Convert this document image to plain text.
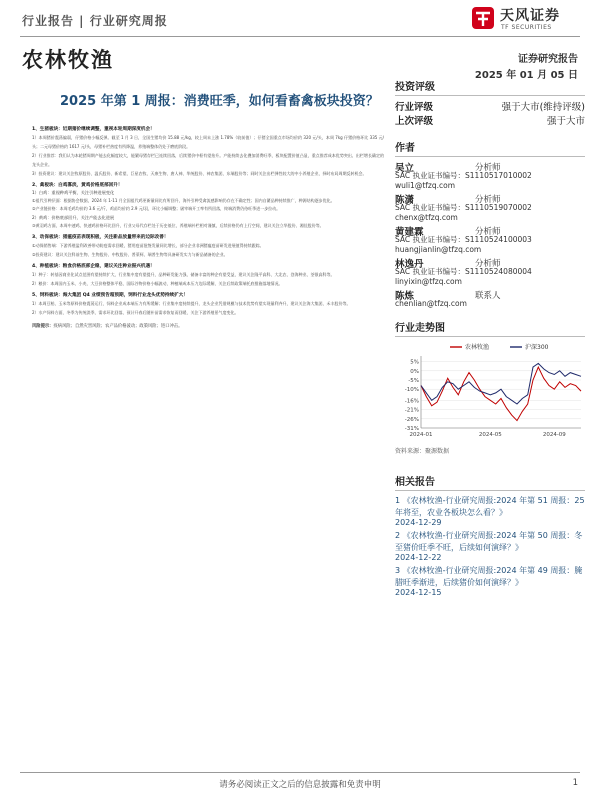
行业报告 | 行业研究周报	天风证券
TF SECURITIES
农林牧渔	证券研究报告
2025 年 01 月 05 日
2025 年第 1 周报：消费旺季，如何看畜禽板块投资？
1、生猪板块：近期猪价继续调整，重视本轮周期深度机会！
1）本周猪价震荡偏弱，仔猪价格小幅反弹。截至 1 月 3 日，全国生猪均价 15.88 元/kg，较上周末上涨 1.78%（较前值）；仔猪全国重点市场均价约 320 元/头，本周 7kg 仔猪价格环比 335 元/头；二元母猪价格约 1617 元/头，母猪补栏热度有所降温，养殖端整体仍处于磨底阶段。
2）行业推荐：我们认为本轮猪周期产能去化幅度较大，能繁母猪存栏已连续回落，后续猪价中枢有望抬升。产能持续去化叠加消费旺季，板块配置价值凸显，重点推荐成本优势突出、出栏增长确定的龙头企业。
3）投资建议：建议关注牧原股份、温氏股份、新希望、巨星农牧、天康生物、唐人神、华统股份、神农集团、东瑞股份等；同时关注出栏弹性较大的中小养殖企业，择时布局周期反转机会。
2、禽板块：白鸡寡淡，黄鸡价格底部回升！
1）白鸡：重视种鸡平衡，关注引种进展变化
①祖代引种层面：根据协会数据，2024 年 1-11 月全国祖代鸡更新量同比有所回升，海外引种受禽流感影响仍存在不确定性；国内自繁品种持续推广，种源结构逐步优化。
②产业链价格：本周毛鸡均价约 3.6 元/斤，鸡苗均价约 2.9 元/羽，环比小幅调整；屠宰端开工率有所回落，终端消费仍待旺季进一步拉动。
2）黄鸡：价格底部回升，关注产能去化进展
③黄羽鸡方面，本周中速鸡、快速鸡价格环比回升，行业父母代存栏处于历史低位，养殖端补栏相对谨慎，后续价格仍有上行空间，建议关注立华股份、湘佳股份等。
3、动保板块：猪瘟疫苗表现积极，关注新品放量带来的边际改善！
①动保销售端：下游养殖盈利改善带动防疫需求回暖，猪用疫苗批签发量同比增长，部分企业非洲猪瘟疫苗研发进展值得持续跟踪。
②投资建议：建议关注科前生物、生物股份、中牧股份、普莱柯、瑞普生物等具备研发实力与新品储备的企业。
4、种植板块：粮食价格底部企稳，建议关注种业振兴机遇！
1）种子：转基因商业化试点范围有望持续扩大，行业集中度有望提升，品种研发能力强、储备丰富的种企有望受益，建议关注隆平高科、大北农、登海种业、荃银高科等。
2）粮价：本周国内玉米、小麦、大豆价格整体平稳，国际谷物价格小幅波动，种植端成本压力边际缓解，关注后续政策端托底措施落地情况。
5、饲料板块：海大集团 Q4 业绩预告超预期，饲料行业龙头优势持续扩大！
1）本周豆粕、玉米等原料价格震荡运行，饲料企业成本端压力有所缓解；行业集中度持续提升，龙头企业凭借规模与技术优势有望实现量利齐升，建议关注海大集团、禾丰股份等。
2）水产饲料方面，冬季为传统淡季，需求环比回落，预计开春后随补苗需求恢复而回暖，关注下游养殖景气度变化。
风险提示：疫病风险；自然灾害风险；农产品价格波动；政策风险；进口冲击。
投资评级
行业评级	强于大市(维持评级)
上次评级	强于大市
作者
吴立	分析师
SAC 执业证书编号：S1110517010002
wuli1@tfzq.com
陈潇	分析师
SAC 执业证书编号：S1110519070002
chenx@tfzq.com
黄建霖	分析师
SAC 执业证书编号：S1110524100003
huangjianlin@tfzq.com
林逸丹	分析师
SAC 执业证书编号：S1110524080004
linyixin@tfzq.com
陈炼	联系人
chenlian@tfzq.com
行业走势图
-31%
-26%
-21%
-16%
-10%
-5%
0%
5%
2024-01	2024-05	2024-09
农林牧渔	沪深300
资料来源：聚源数据
相关报告
1 《农林牧渔-行业研究周报:2024 年第 51 周报：25 年将至，农业各板块怎么看？》
2024-12-29
2 《农林牧渔-行业研究周报:2024 年第 50 周报：冬至猪价旺季不旺，后续如何演绎？》
2024-12-22
3 《农林牧渔-行业研究周报:2024 年第 49 周报：腌腊旺季渐进，后续猪价如何演绎？》
2024-12-15
请务必阅读正文之后的信息披露和免责申明	1
